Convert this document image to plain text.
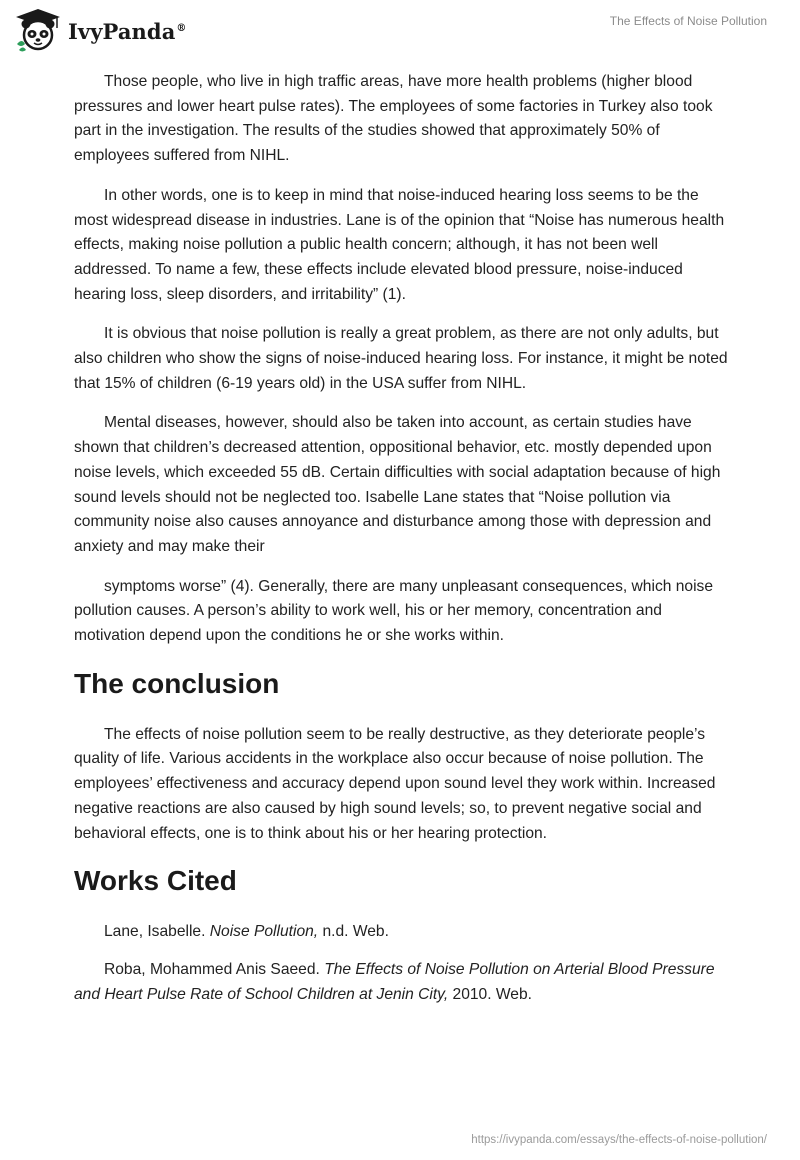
IvyPanda®	The Effects of Noise Pollution

Those people, who live in high traffic areas, have more health problems (higher blood pressures and lower heart pulse rates). The employees of some factories in Turkey also took part in the investigation. The results of the studies showed that approximately 50% of employees suffered from NIHL.

In other words, one is to keep in mind that noise-induced hearing loss seems to be the most widespread disease in industries. Lane is of the opinion that “Noise has numerous health effects, making noise pollution a public health concern; although, it has not been well addressed. To name a few, these effects include elevated blood pressure, noise-induced hearing loss, sleep disorders, and irritability” (1).

It is obvious that noise pollution is really a great problem, as there are not only adults, but also children who show the signs of noise-induced hearing loss. For instance, it might be noted that 15% of children (6-19 years old) in the USA suffer from NIHL.

Mental diseases, however, should also be taken into account, as certain studies have shown that children’s decreased attention, oppositional behavior, etc. mostly depended upon noise levels, which exceeded 55 dB. Certain difficulties with social adaptation because of high sound levels should not be neglected too. Isabelle Lane states that “Noise pollution via community noise also causes annoyance and disturbance among those with depression and anxiety and may make their

symptoms worse” (4). Generally, there are many unpleasant consequences, which noise pollution causes. A person’s ability to work well, his or her memory, concentration and motivation depend upon the conditions he or she works within.

The conclusion

The effects of noise pollution seem to be really destructive, as they deteriorate people’s quality of life. Various accidents in the workplace also occur because of noise pollution. The employees’ effectiveness and accuracy depend upon sound level they work within. Increased negative reactions are also caused by high sound levels; so, to prevent negative social and behavioral effects, one is to think about his or her hearing protection.

Works Cited
Lane, Isabelle. Noise Pollution, n.d. Web.
Roba, Mohammed Anis Saeed. The Effects of Noise Pollution on Arterial Blood Pressure and Heart Pulse Rate of School Children at Jenin City, 2010. Web.
https://ivypanda.com/essays/the-effects-of-noise-pollution/
